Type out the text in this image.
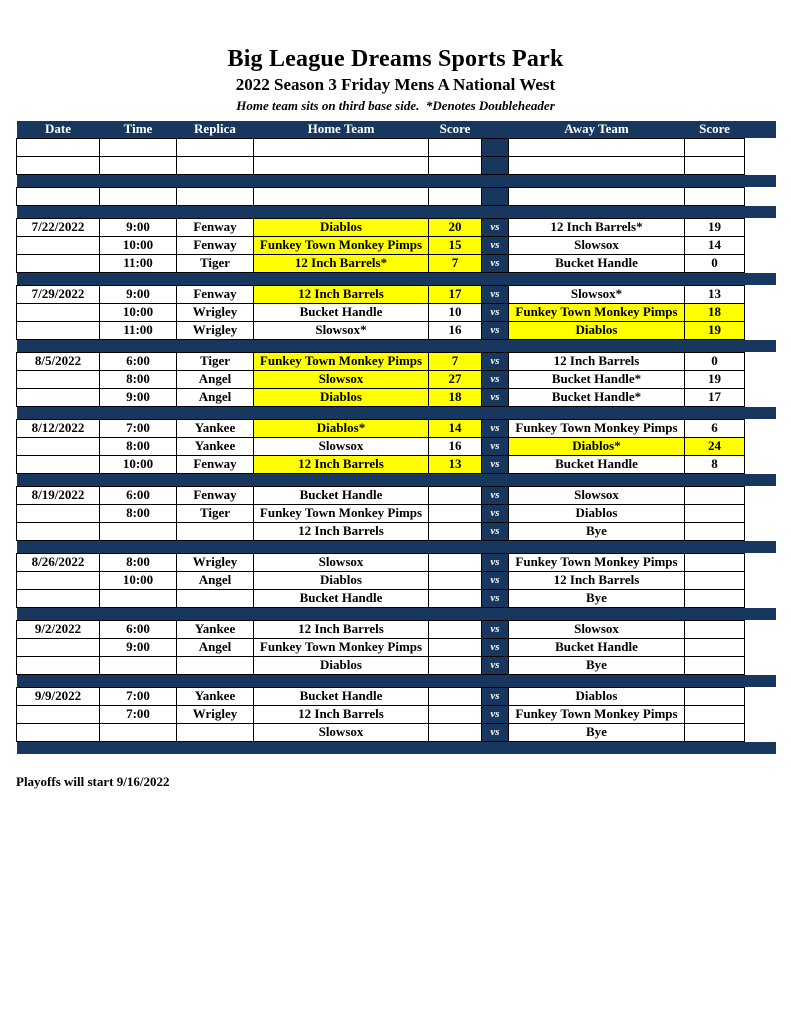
Big League Dreams Sports Park
2022 Season 3 Friday Mens A National West
Home team sits on third base side.  *Denotes Doubleheader
Date	Time	Replica	Home Team	Score		Away Team	Score	

7/22/2022	9:00	Fenway	Diablos	20	vs	12 Inch Barrels*	19	
	10:00	Fenway	Funkey Town Monkey Pimps	15	vs	Slowsox	14	
	11:00	Tiger	12 Inch Barrels*	7	vs	Bucket Handle	0	

7/29/2022	9:00	Fenway	12 Inch Barrels	17	vs	Slowsox*	13	
	10:00	Wrigley	Bucket Handle	10	vs	Funkey Town Monkey Pimps	18	
	11:00	Wrigley	Slowsox*	16	vs	Diablos	19	

8/5/2022	6:00	Tiger	Funkey Town Monkey Pimps	7	vs	12 Inch Barrels	0	
	8:00	Angel	Slowsox	27	vs	Bucket Handle*	19	
	9:00	Angel	Diablos	18	vs	Bucket Handle*	17	

8/12/2022	7:00	Yankee	Diablos*	14	vs	Funkey Town Monkey Pimps	6	
	8:00	Yankee	Slowsox	16	vs	Diablos*	24	
	10:00	Fenway	12 Inch Barrels	13	vs	Bucket Handle	8	

8/19/2022	6:00	Fenway	Bucket Handle		vs	Slowsox		
	8:00	Tiger	Funkey Town Monkey Pimps		vs	Diablos		
			12 Inch Barrels		vs	Bye		

8/26/2022	8:00	Wrigley	Slowsox		vs	Funkey Town Monkey Pimps		
	10:00	Angel	Diablos		vs	12 Inch Barrels		
			Bucket Handle		vs	Bye		

9/2/2022	6:00	Yankee	12 Inch Barrels		vs	Slowsox		
	9:00	Angel	Funkey Town Monkey Pimps		vs	Bucket Handle		
			Diablos		vs	Bye		

9/9/2022	7:00	Yankee	Bucket Handle		vs	Diablos		
	7:00	Wrigley	12 Inch Barrels		vs	Funkey Town Monkey Pimps		
			Slowsox		vs	Bye		

Playoffs will start 9/16/2022
